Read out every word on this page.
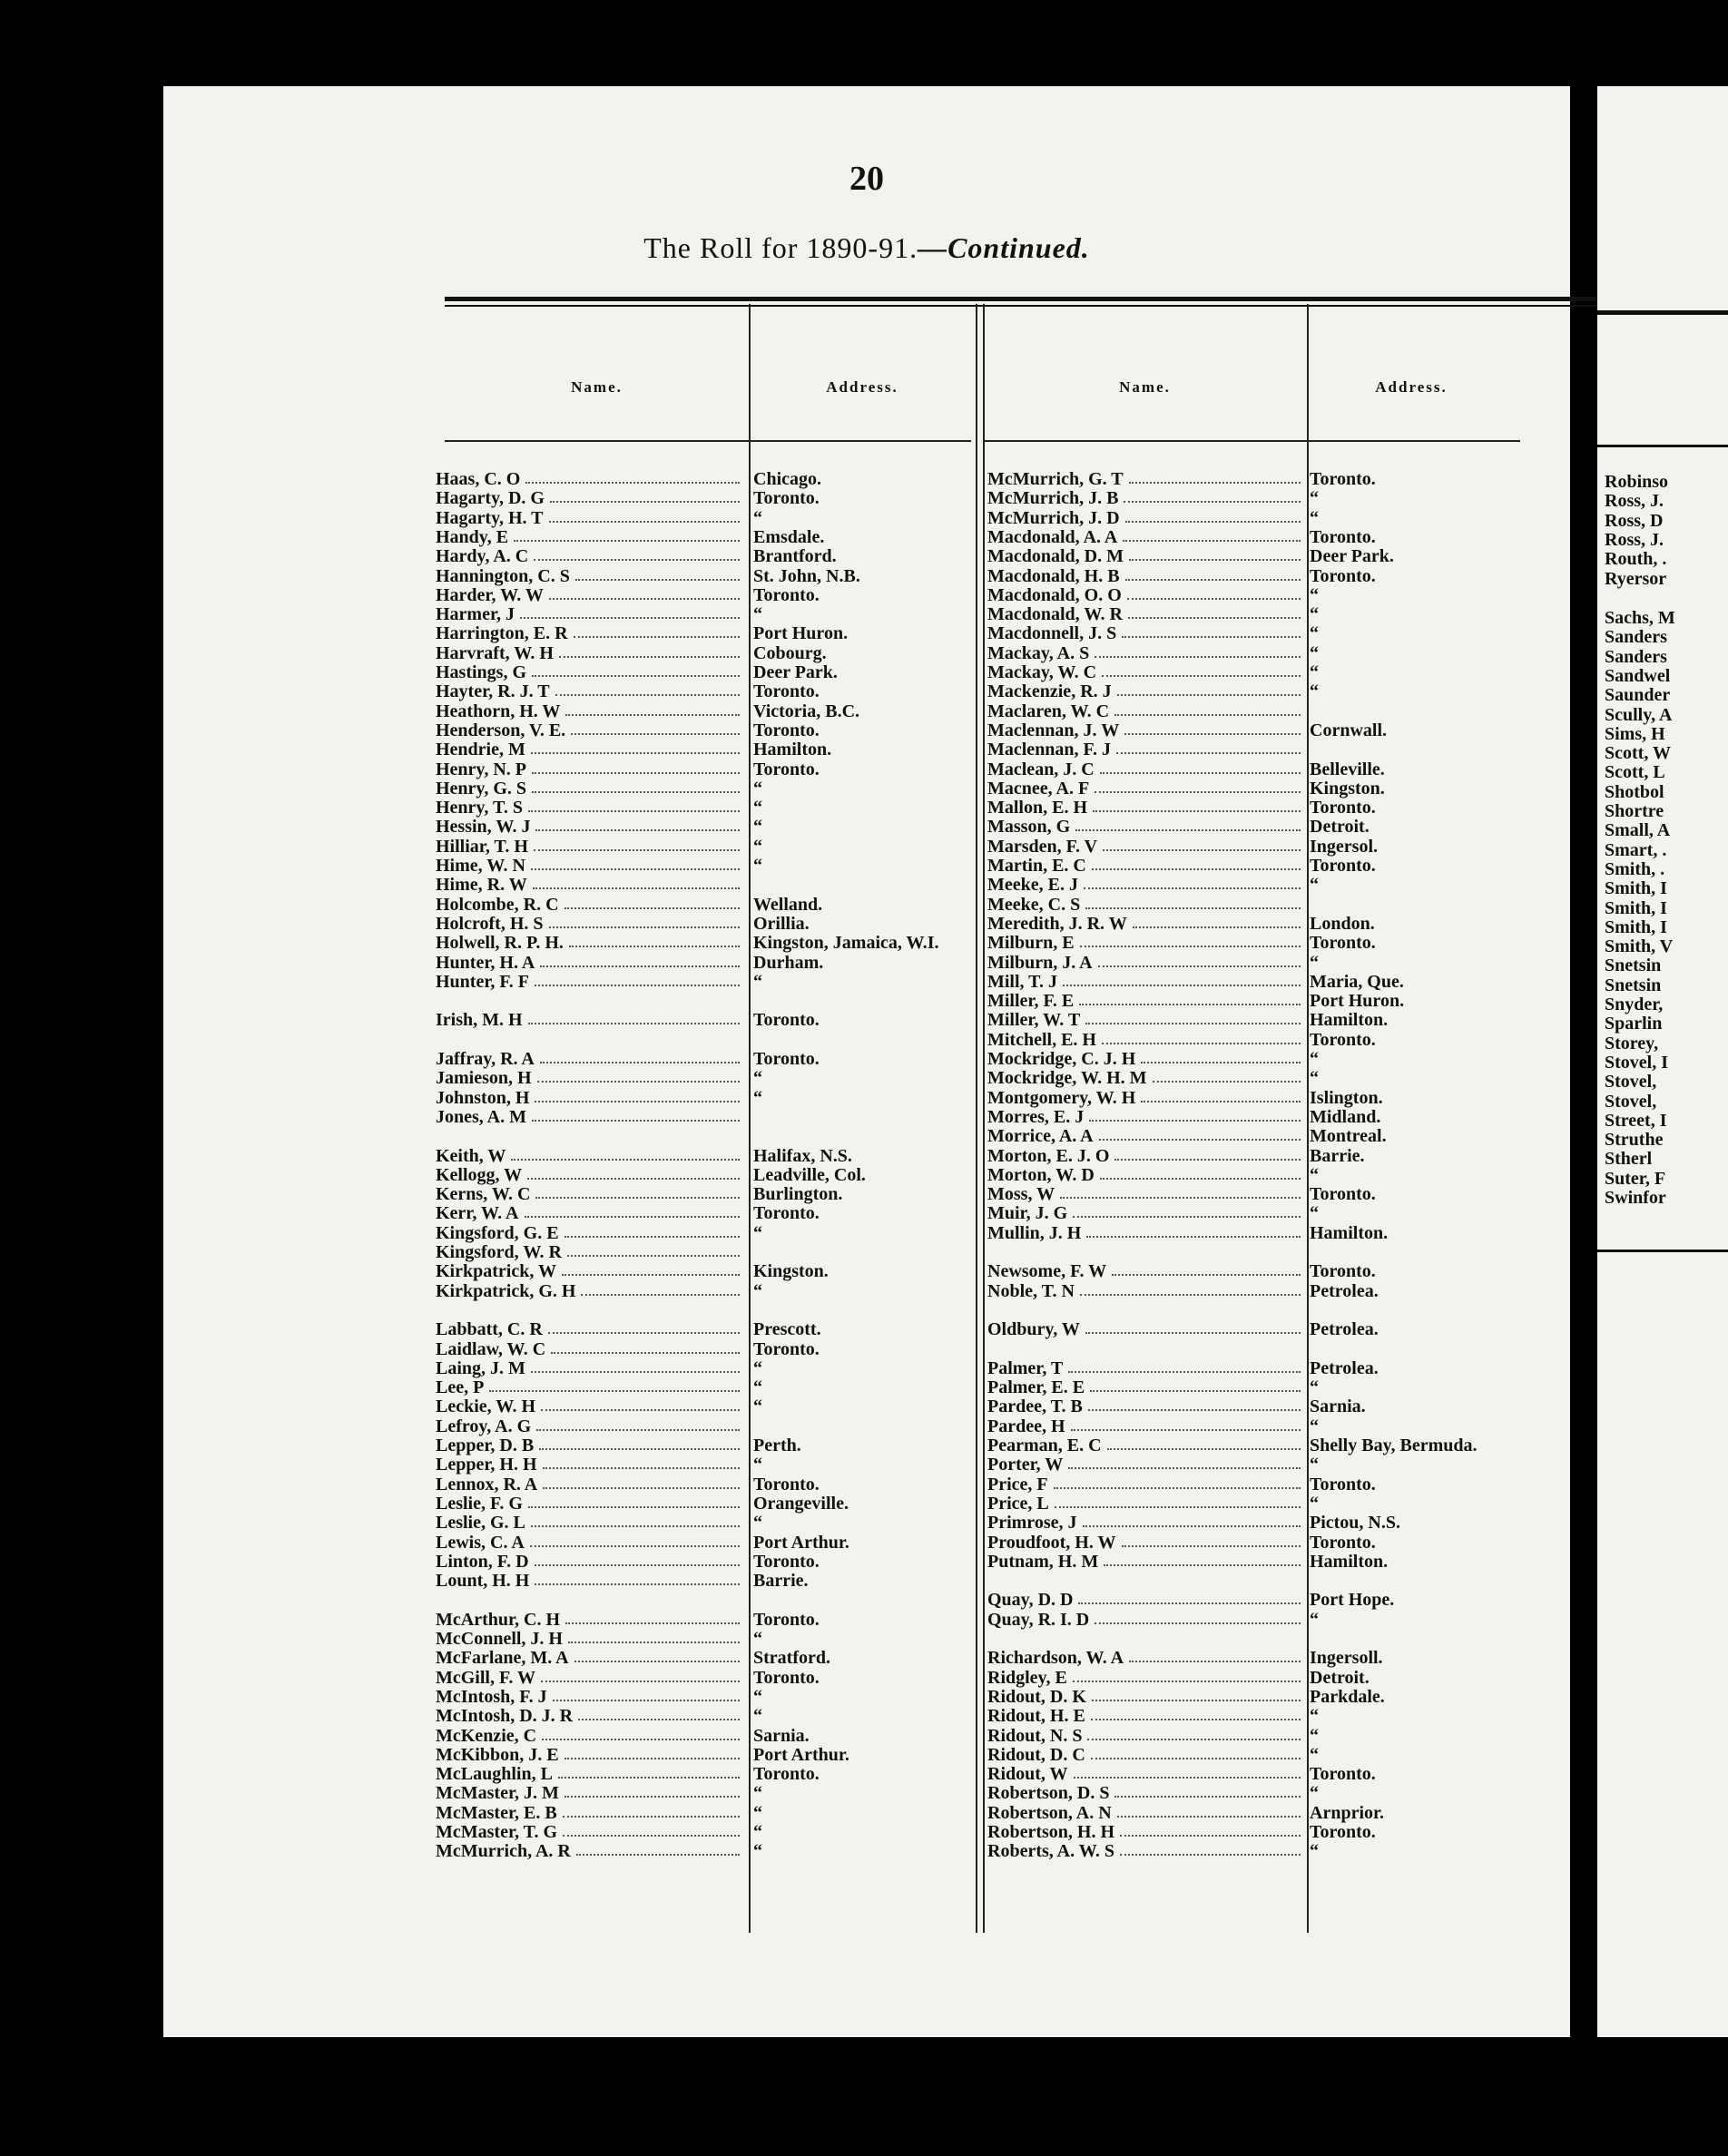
20
The Roll for 1890-91.—Continued.
Name.	Address.	Name.	Address.
Haas, C. O	Chicago.
Hagarty, D. G	Toronto.
Hagarty, H. T	“
Handy, E	Emsdale.
Hardy, A. C	Brantford.
Hannington, C. S	St. John, N.B.
Harder, W. W	Toronto.
Harmer, J	“
Harrington, E. R	Port Huron.
Harvraft, W. H	Cobourg.
Hastings, G	Deer Park.
Hayter, R. J. T	Toronto.
Heathorn, H. W	Victoria, B.C.
Henderson, V. E.	Toronto.
Hendrie, M	Hamilton.
Henry, N. P	Toronto.
Henry, G. S	“
Henry, T. S	“
Hessin, W. J	“
Hilliar, T. H	“
Hime, W. N	“
Hime, R. W
Holcombe, R. C	Welland.
Holcroft, H. S	Orillia.
Holwell, R. P. H.	Kingston, Jamaica, W.I.
Hunter, H. A	Durham.
Hunter, F. F	“
Irish, M. H	Toronto.
Jaffray, R. A	Toronto.
Jamieson, H	“
Johnston, H	“
Jones, A. M
Keith, W	Halifax, N.S.
Kellogg, W	Leadville, Col.
Kerns, W. C	Burlington.
Kerr, W. A	Toronto.
Kingsford, G. E	“
Kingsford, W. R
Kirkpatrick, W	Kingston.
Kirkpatrick, G. H	“
Labbatt, C. R	Prescott.
Laidlaw, W. C	Toronto.
Laing, J. M	“
Lee, P	“
Leckie, W. H	“
Lefroy, A. G
Lepper, D. B	Perth.
Lepper, H. H	“
Lennox, R. A	Toronto.
Leslie, F. G	Orangeville.
Leslie, G. L	“
Lewis, C. A	Port Arthur.
Linton, F. D	Toronto.
Lount, H. H	Barrie.
McArthur, C. H	Toronto.
McConnell, J. H	“
McFarlane, M. A	Stratford.
McGill, F. W	Toronto.
McIntosh, F. J	“
McIntosh, D. J. R	“
McKenzie, C	Sarnia.
McKibbon, J. E	Port Arthur.
McLaughlin, L	Toronto.
McMaster, J. M	“
McMaster, E. B	“
McMaster, T. G	“
McMurrich, A. R	“
McMurrich, G. T	Toronto.
McMurrich, J. B	“
McMurrich, J. D	“
Macdonald, A. A	Toronto.
Macdonald, D. M	Deer Park.
Macdonald, H. B	Toronto.
Macdonald, O. O	“
Macdonald, W. R	“
Macdonnell, J. S	“
Mackay, A. S	“
Mackay, W. C	“
Mackenzie, R. J	“
Maclaren, W. C
Maclennan, J. W	Cornwall.
Maclennan, F. J
Maclean, J. C	Belleville.
Macnee, A. F	Kingston.
Mallon, E. H	Toronto.
Masson, G	Detroit.
Marsden, F. V	Ingersol.
Martin, E. C	Toronto.
Meeke, E. J	“
Meeke, C. S
Meredith, J. R. W	London.
Milburn, E	Toronto.
Milburn, J. A	“
Mill, T. J	Maria, Que.
Miller, F. E	Port Huron.
Miller, W. T	Hamilton.
Mitchell, E. H	Toronto.
Mockridge, C. J. H	“
Mockridge, W. H. M	“
Montgomery, W. H	Islington.
Morres, E. J	Midland.
Morrice, A. A	Montreal.
Morton, E. J. O	Barrie.
Morton, W. D	“
Moss, W	Toronto.
Muir, J. G	“
Mullin, J. H	Hamilton.
Newsome, F. W	Toronto.
Noble, T. N	Petrolea.
Oldbury, W	Petrolea.
Palmer, T	Petrolea.
Palmer, E. E	“
Pardee, T. B	Sarnia.
Pardee, H	“
Pearman, E. C	Shelly Bay, Bermuda.
Porter, W	“
Price, F	Toronto.
Price, L	“
Primrose, J	Pictou, N.S.
Proudfoot, H. W	Toronto.
Putnam, H. M	Hamilton.
Quay, D. D	Port Hope.
Quay, R. I. D	“
Richardson, W. A	Ingersoll.
Ridgley, E	Detroit.
Ridout, D. K	Parkdale.
Ridout, H. E	“
Ridout, N. S	“
Ridout, D. C	“
Ridout, W	Toronto.
Robertson, D. S	“
Robertson, A. N	Arnprior.
Robertson, H. H	Toronto.
Roberts, A. W. S	“
Robinso
Ross, J.
Ross, D
Ross, J.
Routh, .
Ryersor
Sachs, M
Sanders
Sanders
Sandwel
Saunder
Scully, A
Sims, H
Scott, W
Scott, L
Shotbol
Shortre
Small, A
Smart, .
Smith, .
Smith, I
Smith, I
Smith, I
Smith, V
Snetsin
Snetsin
Snyder,
Sparlin
Storey,
Stovel, I
Stovel,
Stovel,
Street, I
Struthe
Stherl
Suter, F
Swinfor
